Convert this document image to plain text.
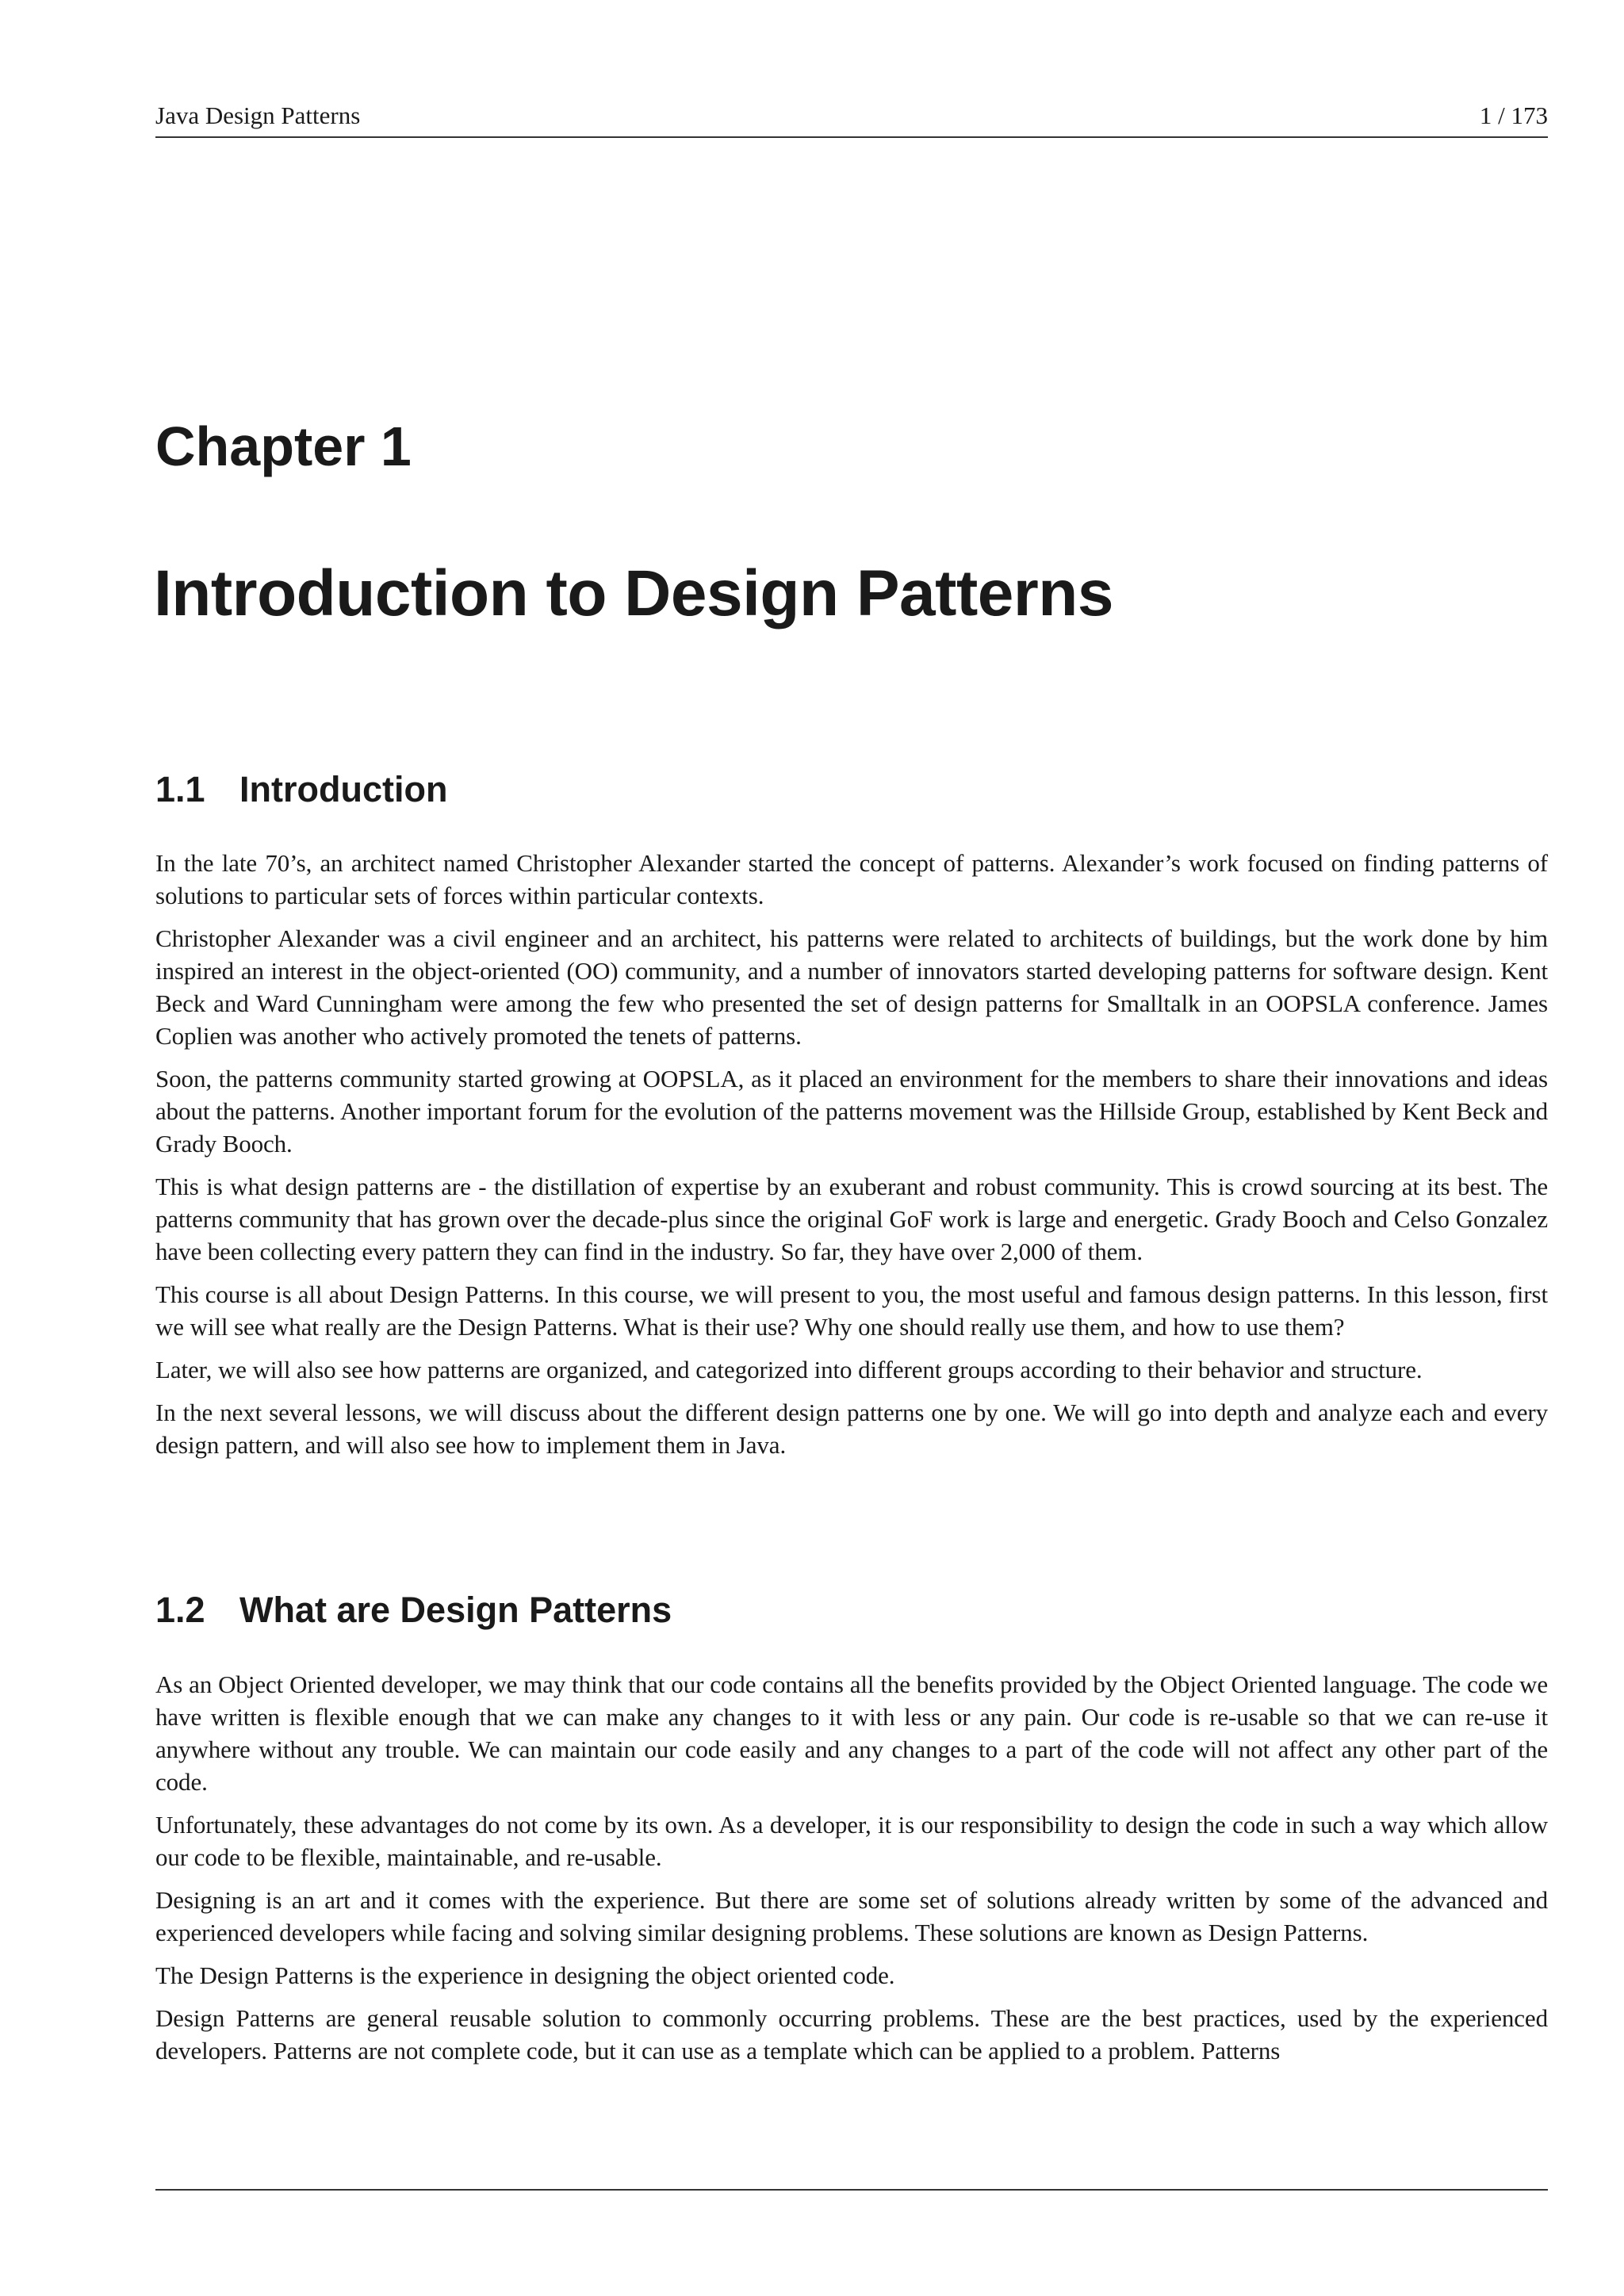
Java Design Patterns	1 / 173
Chapter 1
Introduction to Design Patterns
1.1 Introduction

In the late 70’s, an architect named Christopher Alexander started the concept of patterns. Alexander’s work focused on finding patterns of solutions to particular sets of forces within particular contexts.

Christopher Alexander was a civil engineer and an architect, his patterns were related to architects of buildings, but the work done by him inspired an interest in the object-oriented (OO) community, and a number of innovators started developing patterns for software design. Kent Beck and Ward Cunningham were among the few who presented the set of design patterns for Smalltalk in an OOPSLA conference. James Coplien was another who actively promoted the tenets of patterns.

Soon, the patterns community started growing at OOPSLA, as it placed an environment for the members to share their innovations and ideas about the patterns. Another important forum for the evolution of the patterns movement was the Hillside Group, established by Kent Beck and Grady Booch.

This is what design patterns are - the distillation of expertise by an exuberant and robust community. This is crowd sourcing at its best. The patterns community that has grown over the decade-plus since the original GoF work is large and energetic. Grady Booch and Celso Gonzalez have been collecting every pattern they can find in the industry. So far, they have over 2,000 of them.

This course is all about Design Patterns. In this course, we will present to you, the most useful and famous design patterns. In this lesson, first we will see what really are the Design Patterns. What is their use? Why one should really use them, and how to use them?

Later, we will also see how patterns are organized, and categorized into different groups according to their behavior and structure.

In the next several lessons, we will discuss about the different design patterns one by one. We will go into depth and analyze each and every design pattern, and will also see how to implement them in Java.

1.2 What are Design Patterns

As an Object Oriented developer, we may think that our code contains all the benefits provided by the Object Oriented language. The code we have written is flexible enough that we can make any changes to it with less or any pain. Our code is re-usable so that we can re-use it anywhere without any trouble. We can maintain our code easily and any changes to a part of the code will not affect any other part of the code.

Unfortunately, these advantages do not come by its own. As a developer, it is our responsibility to design the code in such a way which allow our code to be flexible, maintainable, and re-usable.

Designing is an art and it comes with the experience. But there are some set of solutions already written by some of the advanced and experienced developers while facing and solving similar designing problems. These solutions are known as Design Patterns.

The Design Patterns is the experience in designing the object oriented code.

Design Patterns are general reusable solution to commonly occurring problems. These are the best practices, used by the experienced developers. Patterns are not complete code, but it can use as a template which can be applied to a problem. Patterns
